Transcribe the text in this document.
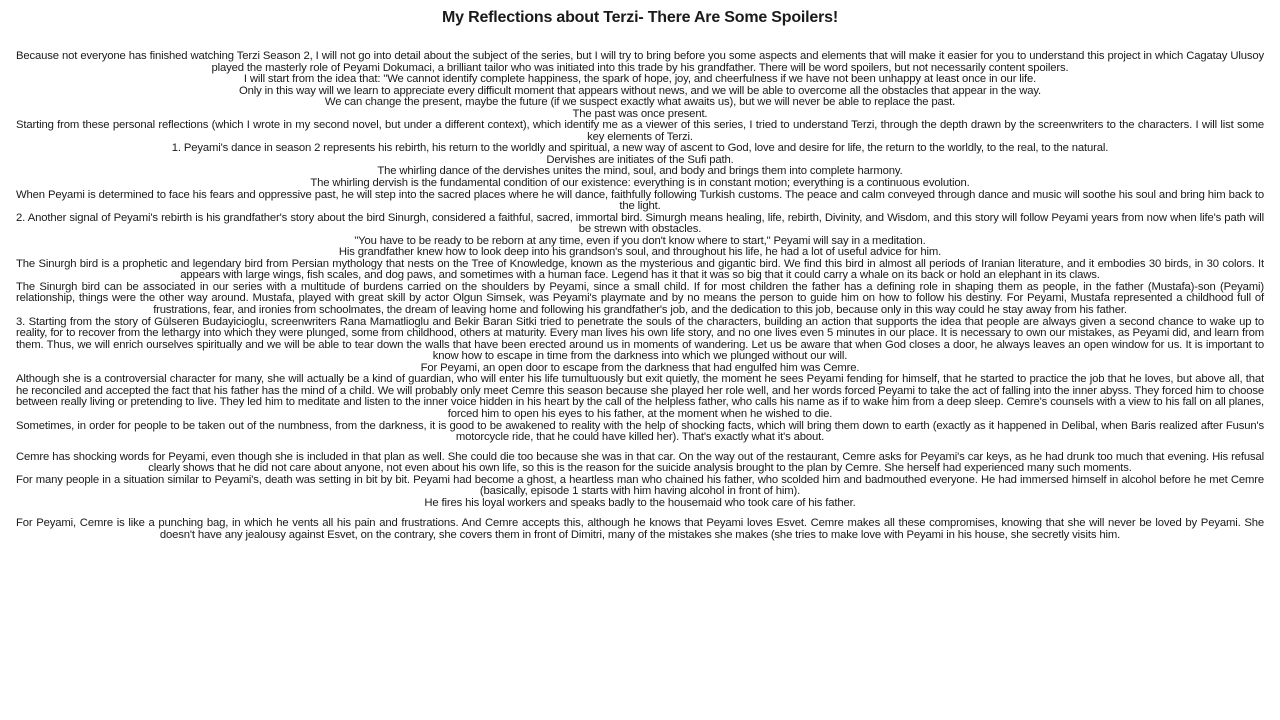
My Reflections about Terzi- There Are Some Spoilers!

Because not everyone has finished watching Terzi Season 2, I will not go into detail about the subject of the series, but I will try to bring before you some aspects and elements that will make it easier for you to understand this project in which Cagatay Ulusoy played the masterly role of Peyami Dokumaci, a brilliant tailor who was initiated into this trade by his grandfather. There will be word spoilers, but not necessarily content spoilers.

I will start from the idea that: "We cannot identify complete happiness, the spark of hope, joy, and cheerfulness if we have not been unhappy at least once in our life.

Only in this way will we learn to appreciate every difficult moment that appears without news, and we will be able to overcome all the obstacles that appear in the way.

We can change the present, maybe the future (if we suspect exactly what awaits us), but we will never be able to replace the past.

The past was once present.

Starting from these personal reflections (which I wrote in my second novel, but under a different context), which identify me as a viewer of this series, I tried to understand Terzi, through the depth drawn by the screenwriters to the characters. I will list some key elements of Terzi.

1. Peyami's dance in season 2 represents his rebirth, his return to the worldly and spiritual, a new way of ascent to God, love and desire for life, the return to the worldly, to the real, to the natural.

Dervishes are initiates of the Sufi path.

The whirling dance of the dervishes unites the mind, soul, and body and brings them into complete harmony.

The whirling dervish is the fundamental condition of our existence: everything is in constant motion; everything is a continuous evolution.

When Peyami is determined to face his fears and oppressive past, he will step into the sacred places where he will dance, faithfully following Turkish customs. The peace and calm conveyed through dance and music will soothe his soul and bring him back to the light.

2. Another signal of Peyami's rebirth is his grandfather's story about the bird Sinurgh, considered a faithful, sacred, immortal bird. Simurgh means healing, life, rebirth, Divinity, and Wisdom, and this story will follow Peyami years from now when life's path will be strewn with obstacles.

"You have to be ready to be reborn at any time, even if you don't know where to start," Peyami will say in a meditation.

His grandfather knew how to look deep into his grandson's soul, and throughout his life, he had a lot of useful advice for him.

The Sinurgh bird is a prophetic and legendary bird from Persian mythology that nests on the Tree of Knowledge, known as the mysterious and gigantic bird. We find this bird in almost all periods of Iranian literature, and it embodies 30 birds, in 30 colors. It appears with large wings, fish scales, and dog paws, and sometimes with a human face. Legend has it that it was so big that it could carry a whale on its back or hold an elephant in its claws.

The Sinurgh bird can be associated in our series with a multitude of burdens carried on the shoulders by Peyami, since a small child. If for most children the father has a defining role in shaping them as people, in the father (Mustafa)-son (Peyami) relationship, things were the other way around. Mustafa, played with great skill by actor Olgun Simsek, was Peyami's playmate and by no means the person to guide him on how to follow his destiny. For Peyami, Mustafa represented a childhood full of frustrations, fear, and ironies from schoolmates, the dream of leaving home and following his grandfather's job, and the dedication to this job, because only in this way could he stay away from his father.

3. Starting from the story of Gülseren Budayicioglu, screenwriters Rana Mamatlioglu and Bekir Baran Sitki tried to penetrate the souls of the characters, building an action that supports the idea that people are always given a second chance to wake up to reality, for to recover from the lethargy into which they were plunged, some from childhood, others at maturity. Every man lives his own life story, and no one lives even 5 minutes in our place. It is necessary to own our mistakes, as Peyami did, and learn from them. Thus, we will enrich ourselves spiritually and we will be able to tear down the walls that have been erected around us in moments of wandering. Let us be aware that when God closes a door, he always leaves an open window for us. It is important to know how to escape in time from the darkness into which we plunged without our will.

For Peyami, an open door to escape from the darkness that had engulfed him was Cemre.

Although she is a controversial character for many, she will actually be a kind of guardian, who will enter his life tumultuously but exit quietly, the moment he sees Peyami fending for himself, that he started to practice the job that he loves, but above all, that he reconciled and accepted the fact that his father has the mind of a child. We will probably only meet Cemre this season because she played her role well, and her words forced Peyami to take the act of falling into the inner abyss. They forced him to choose between really living or pretending to live. They led him to meditate and listen to the inner voice hidden in his heart by the call of the helpless father, who calls his name as if to wake him from a deep sleep. Cemre's counsels with a view to his fall on all planes, forced him to open his eyes to his father, at the moment when he wished to die.

Sometimes, in order for people to be taken out of the numbness, from the darkness, it is good to be awakened to reality with the help of shocking facts, which will bring them down to earth (exactly as it happened in Delibal, when Baris realized after Fusun's motorcycle ride, that he could have killed her). That's exactly what it's about.

Cemre has shocking words for Peyami, even though she is included in that plan as well. She could die too because she was in that car. On the way out of the restaurant, Cemre asks for Peyami's car keys, as he had drunk too much that evening. His refusal clearly shows that he did not care about anyone, not even about his own life, so this is the reason for the suicide analysis brought to the plan by Cemre. She herself had experienced many such moments.

For many people in a situation similar to Peyami's, death was setting in bit by bit. Peyami had become a ghost, a heartless man who chained his father, who scolded him and badmouthed everyone. He had immersed himself in alcohol before he met Cemre (basically, episode 1 starts with him having alcohol in front of him).

He fires his loyal workers and speaks badly to the housemaid who took care of his father.

For Peyami, Cemre is like a punching bag, in which he vents all his pain and frustrations. And Cemre accepts this, although he knows that Peyami loves Esvet. Cemre makes all these compromises, knowing that she will never be loved by Peyami. She doesn't have any jealousy against Esvet, on the contrary, she covers them in front of Dimitri, many of the mistakes she makes (she tries to make love with Peyami in his house, she secretly visits him.
